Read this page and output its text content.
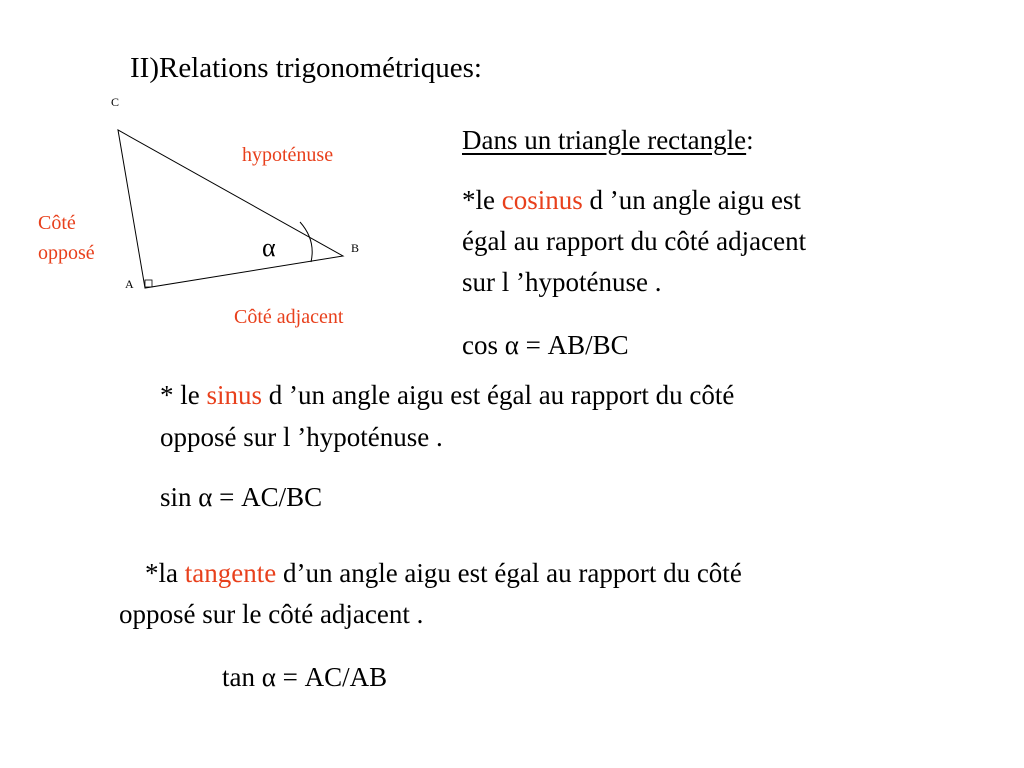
II)Relations trigonométriques:
C
A
B
α
hypoténuse
Côté
opposé
Côté adjacent
Dans un triangle rectangle:
*le cosinus d ’un angle aigu est
égal au rapport du côté adjacent
sur l ’hypoténuse .
cos α = AB/BC
* le sinus d ’un angle aigu est égal au rapport du côté
opposé sur l ’hypoténuse .
sin α = AC/BC
*la tangente d’un angle aigu est égal au rapport du côté
opposé sur le côté adjacent .
tan α = AC/AB
